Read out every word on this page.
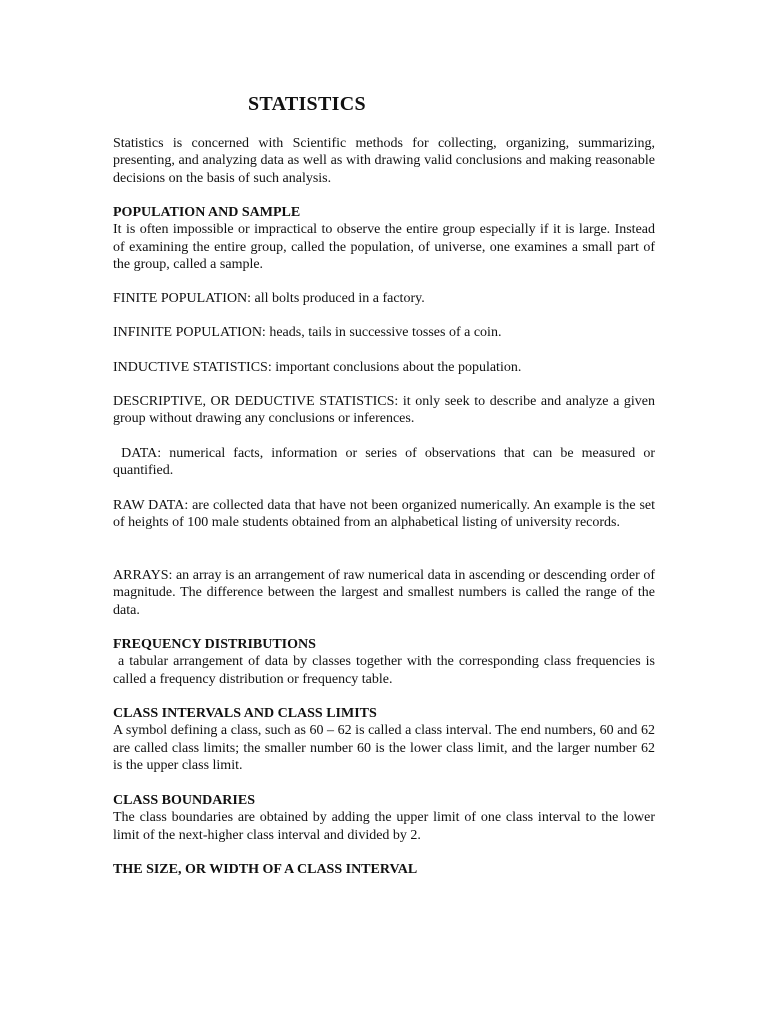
STATISTICS

Statistics is concerned with Scientific methods for collecting, organizing, summarizing, presenting, and analyzing data as well as with drawing valid conclusions and making reasonable decisions on the basis of such analysis.

POPULATION AND SAMPLE

It is often impossible or impractical to observe the entire group especially if it is large. Instead of examining the entire group, called the population, of universe, one examines a small part of the group, called a sample.

FINITE POPULATION: all bolts produced in a factory.

INFINITE POPULATION: heads, tails in successive tosses of a coin.

INDUCTIVE STATISTICS: important conclusions about the population.

DESCRIPTIVE, OR DEDUCTIVE STATISTICS: it only seek to describe and analyze a given group without drawing any conclusions or inferences.

DATA: numerical facts, information or series of observations that can be measured or quantified.

RAW DATA: are collected data that have not been organized numerically. An example is the set of heights of 100 male students obtained from an alphabetical listing of university records.

ARRAYS: an array is an arrangement of raw numerical data in ascending or descending order of magnitude. The difference between the largest and smallest numbers is called the range of the data.

FREQUENCY DISTRIBUTIONS

a tabular arrangement of data by classes together with the corresponding class frequencies is called a frequency distribution or frequency table.

CLASS INTERVALS AND CLASS LIMITS

A symbol defining a class, such as 60 – 62 is called a class interval. The end numbers, 60 and 62 are called class limits; the smaller number 60 is the lower class limit, and the larger number 62 is the upper class limit.

CLASS BOUNDARIES

The class boundaries are obtained by adding the upper limit of one class interval to the lower limit of the next-higher class interval and divided by 2.

THE SIZE, OR WIDTH OF A CLASS INTERVAL
